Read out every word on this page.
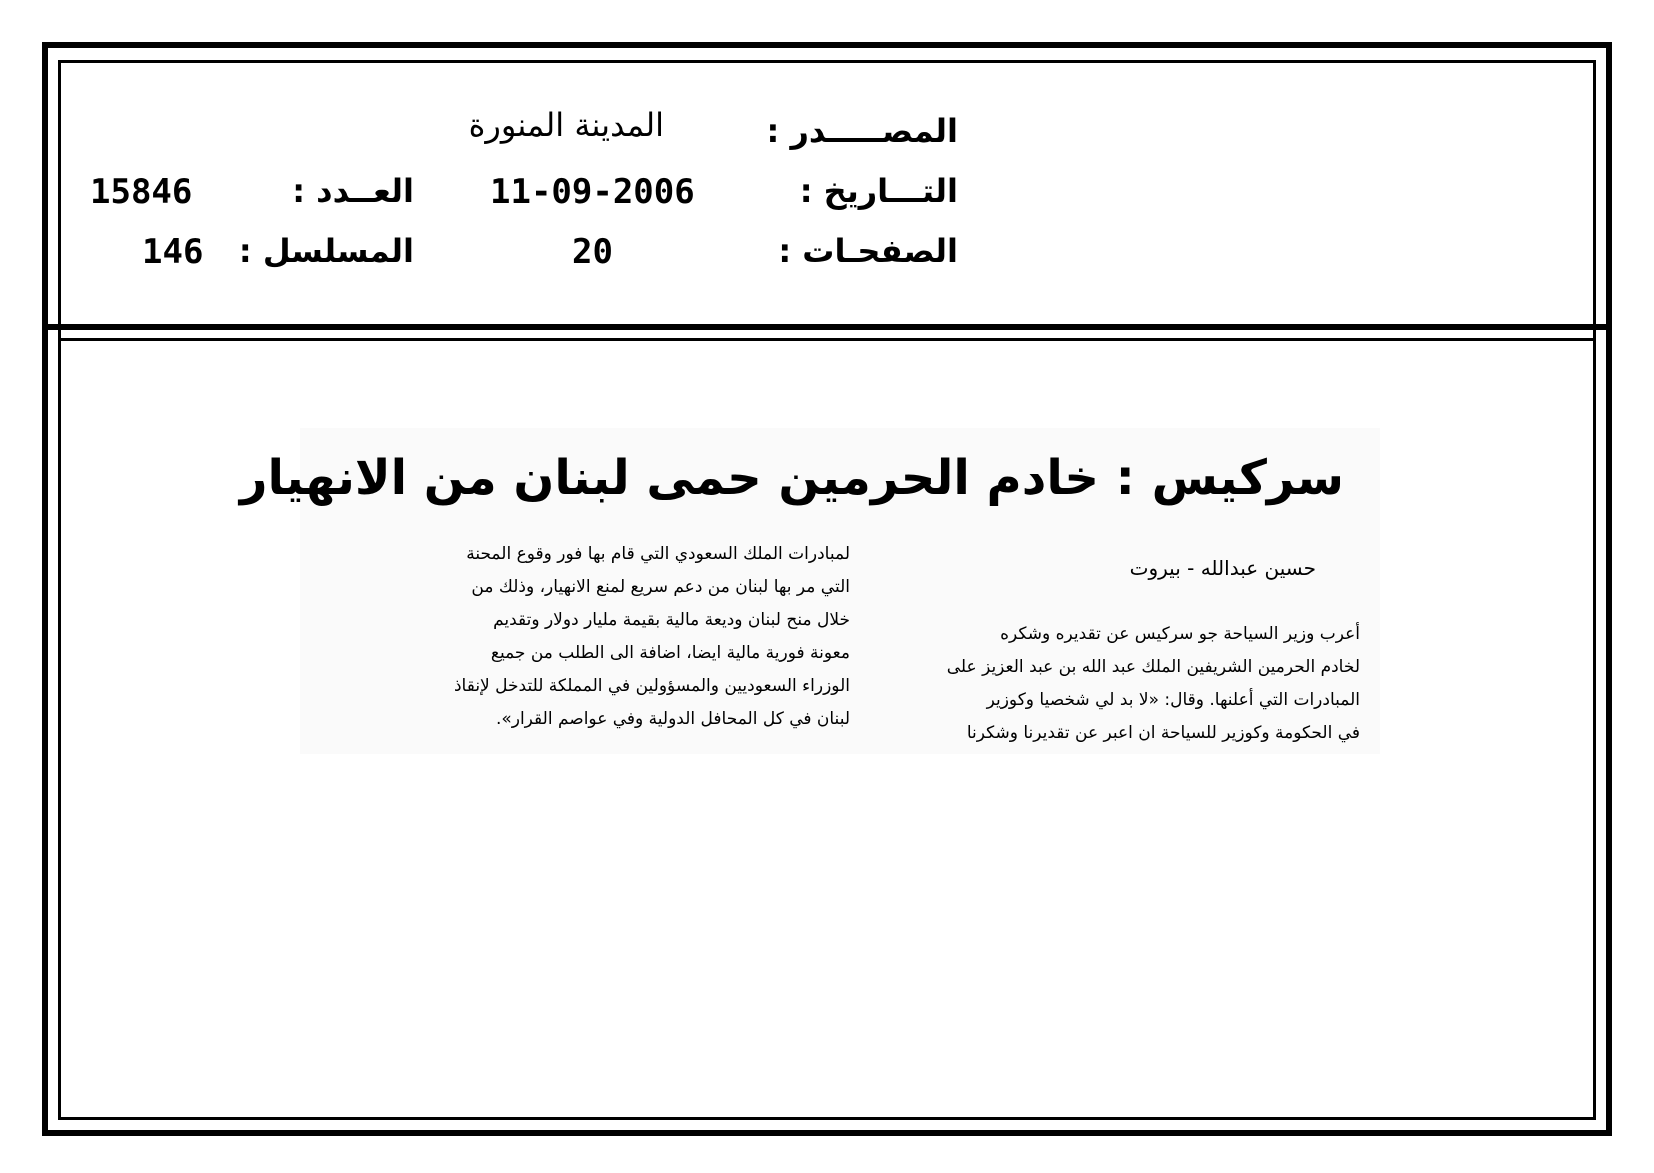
المصـــــدر :
المدينة المنورة
التـــاريخ :
11-09-2006
العــدد :
15846
الصفحـات :
20
المسلسل :
146
سركيس : خادم الحرمين حمى لبنان من الانهيار
حسين عبدالله - بيروت

أعرب وزير السياحة جو سركيس عن تقديره وشكره

لخادم الحرمين الشريفين الملك عبد الله بن عبد العزيز على

المبادرات التي أعلنها. وقال: «لا بد لي شخصيا وكوزير

في الحكومة وكوزير للسياحة ان اعبر عن تقديرنا وشكرنا

لمبادرات الملك السعودي التي قام بها فور وقوع المحنة

التي مر بها لبنان من دعم سريع لمنع الانهيار، وذلك من

خلال منح لبنان وديعة مالية بقيمة مليار دولار وتقديم

معونة فورية مالية ايضا، اضافة الى الطلب من جميع

الوزراء السعوديين والمسؤولين في المملكة للتدخل لإنقاذ

لبنان في كل المحافل الدولية وفي عواصم القرار».
